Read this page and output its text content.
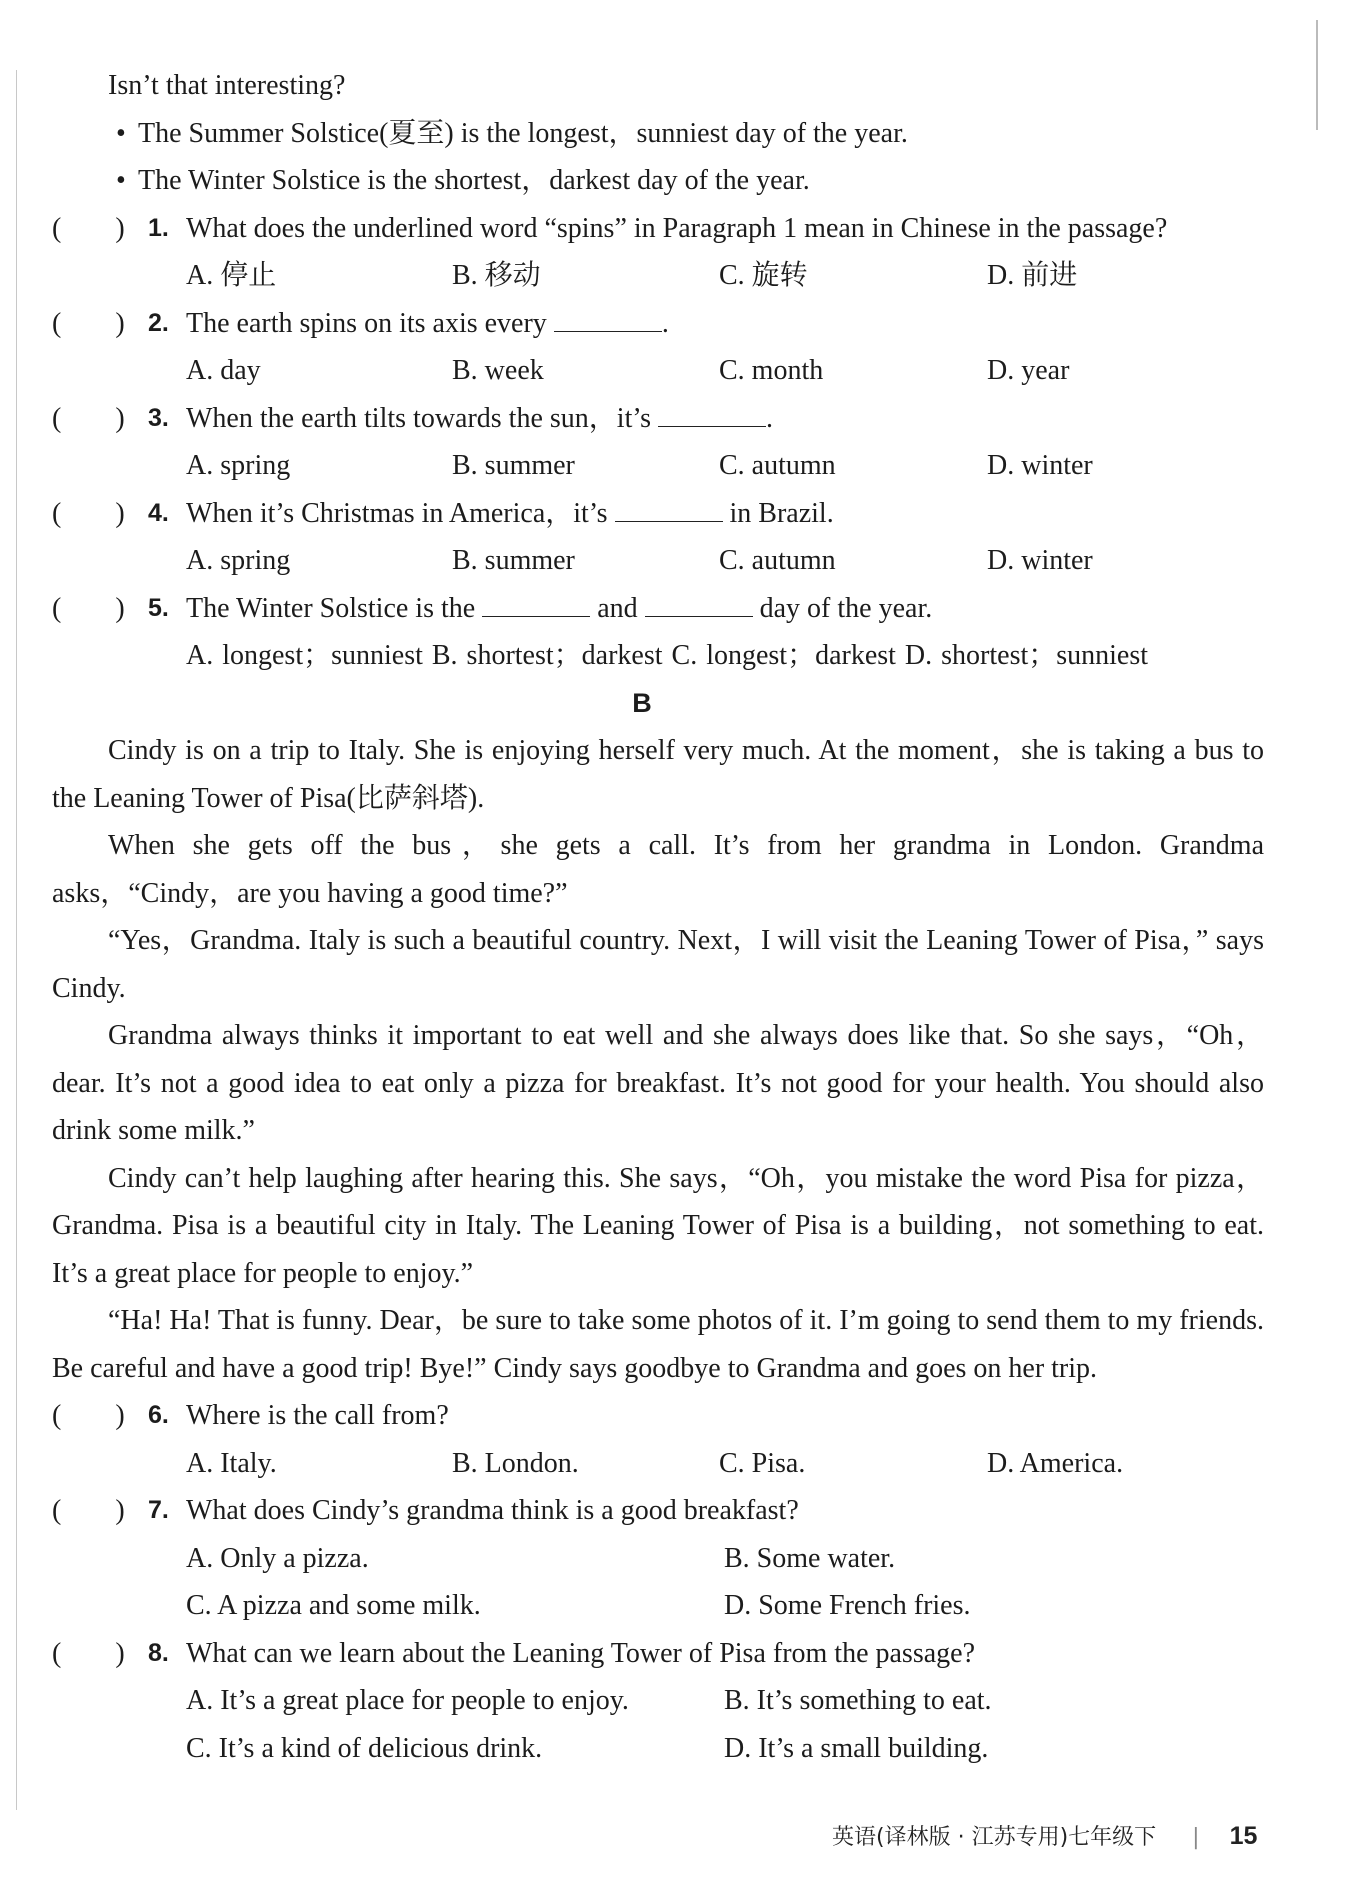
Isn’t that interesting?
• The Summer Solstice(夏至) is the longest，sunniest day of the year.
• The Winter Solstice is the shortest，darkest day of the year.
( ) 1. What does the underlined word “spins” in Paragraph 1 mean in Chinese in the passage?
A. 停止	B. 移动	C. 旋转	D. 前进
( ) 2. The earth spins on its axis every	.
A. day	B. week	C. month	D. year
( ) 3. When the earth tilts towards the sun，it’s	.
A. spring	B. summer	C. autumn	D. winter
( ) 4. When it’s Christmas in America，it’s	in Brazil.
A. spring	B. summer	C. autumn	D. winter
( ) 5. The Winter Solstice is the	and	day of the year.
A. longest；sunniest B. shortest；darkest C. longest；darkest D. shortest；sunniest
B
Cindy is on a trip to Italy. She is enjoying herself very much. At the moment，she is taking a bus to the Leaning Tower of Pisa(比萨斜塔).
When she gets off the bus，she gets a call. It’s from her grandma in London. Grandma asks，“Cindy，are you having a good time?”
“Yes，Grandma. Italy is such a beautiful country. Next，I will visit the Leaning Tower of Pisa，” says Cindy.
Grandma always thinks it important to eat well and she always does like that. So she says，“Oh，dear. It’s not a good idea to eat only a pizza for breakfast. It’s not good for your health. You should also drink some milk.”
Cindy can’t help laughing after hearing this. She says，“Oh，you mistake the word Pisa for pizza，Grandma. Pisa is a beautiful city in Italy. The Leaning Tower of Pisa is a building，not something to eat. It’s a great place for people to enjoy.”
“Ha! Ha! That is funny. Dear，be sure to take some photos of it. I’m going to send them to my friends. Be careful and have a good trip! Bye!” Cindy says goodbye to Grandma and goes on her trip.
( ) 6. Where is the call from?
A. Italy.	B. London.	C. Pisa.	D. America.
( ) 7. What does Cindy’s grandma think is a good breakfast?
A. Only a pizza.	B. Some water.
C. A pizza and some milk.	D. Some French fries.
( ) 8. What can we learn about the Leaning Tower of Pisa from the passage?
A. It’s a great place for people to enjoy.	B. It’s something to eat.
C. It’s a kind of delicious drink.	D. It’s a small building.
英语(译林版 · 江苏专用)七年级下 | 15
